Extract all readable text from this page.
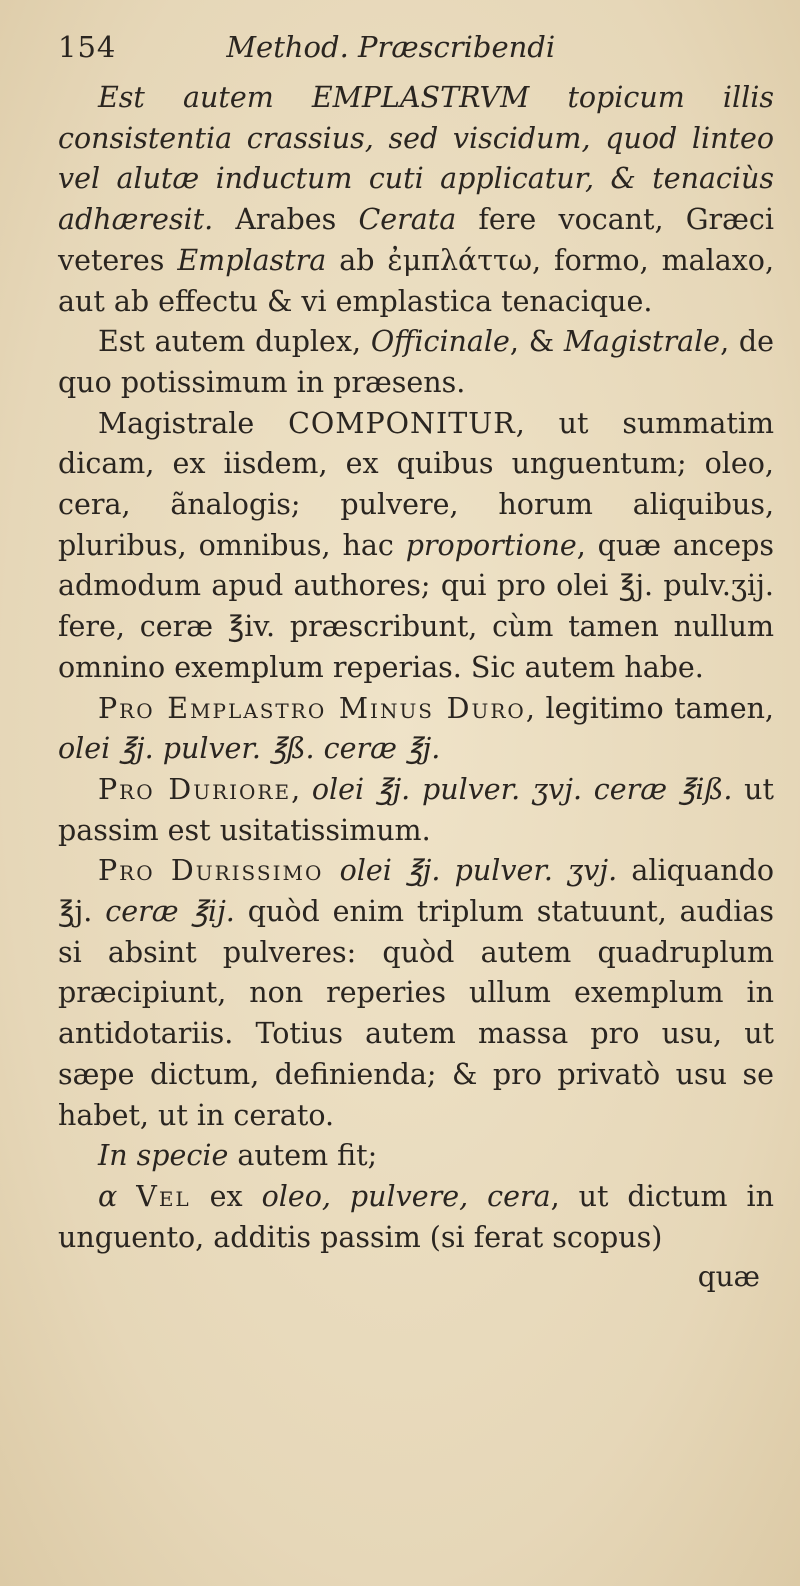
154	Method. Præscribendi

Est autem EMPLASTRVM topicum illis consistentia crassius, sed viscidum, quod linteo vel alutæ inductum cuti applicatur, & tenaciùs adhæresit. Arabes Cerata fere vocant, Græci veteres Emplastra ab ἐμπλάττω, formo, malaxo, aut ab effectu & vi emplastica tenacique.

Est autem duplex, Officinale, & Magistrale, de quo potissimum in præsens.

Magistrale COMPONITUR, ut summatim dicam, ex iisdem, ex quibus unguentum; oleo, cera, ãnalogis; pulvere, horum aliquibus, pluribus, omnibus, hac proportione, quæ anceps admodum apud authores; qui pro olei ℥j. pulv.ʒij. fere, ceræ ℥iv. præscribunt, cùm tamen nullum omnino exemplum reperias. Sic autem habe.

Pro Emplastro Minus Duro, legitimo tamen, olei ℥j. pulver. ℥ß. ceræ ℥j.

Pro Duriore, olei ℥j. pulver. ʒvj. ceræ ℥iß. ut passim est usitatissimum.

Pro Durissimo olei ℥j. pulver. ʒvj. aliquando ℥j. ceræ ℥ij. quòd enim triplum statuunt, audias si absint pulveres: quòd autem quadruplum præcipiunt, non reperies ullum exemplum in antidotariis. Totius autem massa pro usu, ut sæpe dictum, definienda; & pro privatò usu se habet, ut in cerato.

In specie autem fit;

α Vel ex oleo, pulvere, cera, ut dictum in unguento, additis passim (si ferat scopus)

quæ
